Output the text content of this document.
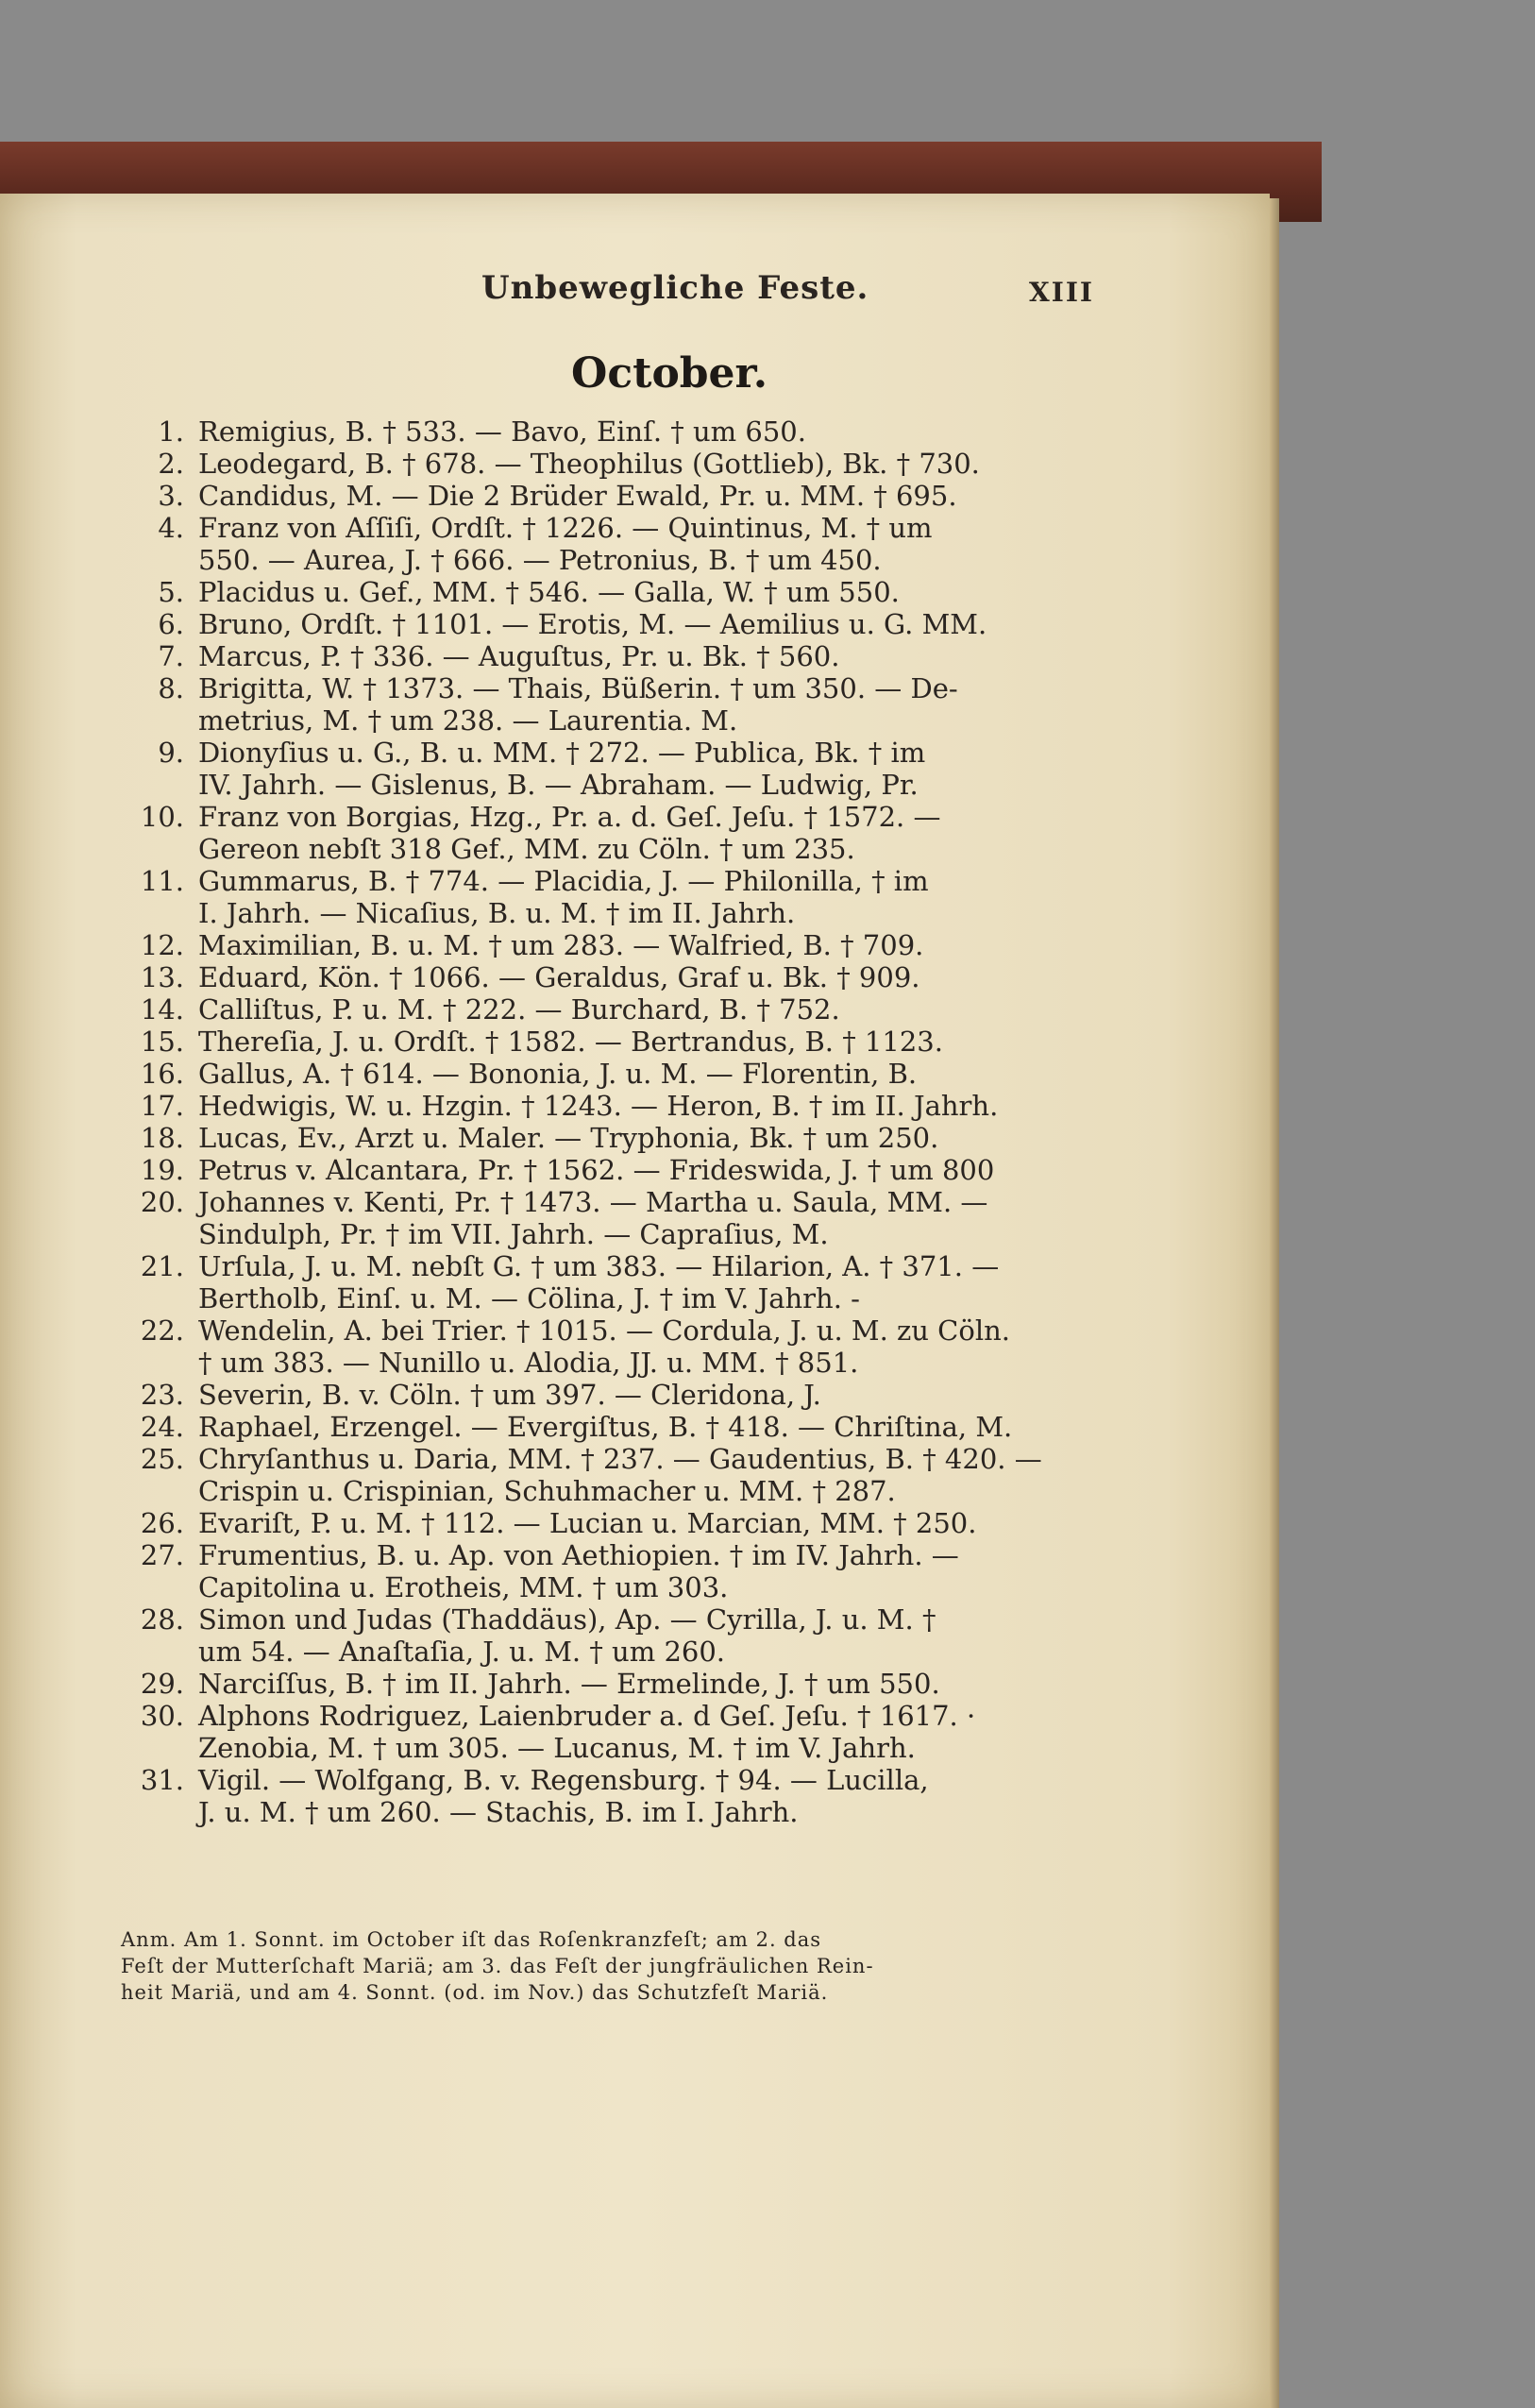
Unbewegliche Feste.	XIII
October.
1. Remigius, B. † 533. — Bavo, Einſ. † um 650.
2. Leodegard, B. † 678. — Theophilus (Gottlieb), Bk. † 730.
3. Candidus, M. — Die 2 Brüder Ewald, Pr. u. MM. † 695.
4. Franz von Aſſiſi, Ordſt. † 1226. — Quintinus, M. † um
550. — Aurea, J. † 666. — Petronius, B. † um 450.
5. Placidus u. Gef., MM. † 546. — Galla, W. † um 550.
6. Bruno, Ordſt. † 1101. — Erotis, M. — Aemilius u. G. MM.
7. Marcus, P. † 336. — Auguſtus, Pr. u. Bk. † 560.
8. Brigitta, W. † 1373. — Thais, Büßerin. † um 350. — De-
metrius, M. † um 238. — Laurentia. M.
9. Dionyſius u. G., B. u. MM. † 272. — Publica, Bk. † im
IV. Jahrh. — Gislenus, B. — Abraham. — Ludwig, Pr.
10. Franz von Borgias, Hzg., Pr. a. d. Geſ. Jeſu. † 1572. —
Gereon nebſt 318 Gef., MM. zu Cöln. † um 235.
11. Gummarus, B. † 774. — Placidia, J. — Philonilla, † im
I. Jahrh. — Nicaſius, B. u. M. † im II. Jahrh.
12. Maximilian, B. u. M. † um 283. — Walfried, B. † 709.
13. Eduard, Kön. † 1066. — Geraldus, Graf u. Bk. † 909.
14. Calliſtus, P. u. M. † 222. — Burchard, B. † 752.
15. Thereſia, J. u. Ordſt. † 1582. — Bertrandus, B. † 1123.
16. Gallus, A. † 614. — Bononia, J. u. M. — Florentin, B.
17. Hedwigis, W. u. Hzgin. † 1243. — Heron, B. † im II. Jahrh.
18. Lucas, Ev., Arzt u. Maler. — Tryphonia, Bk. † um 250.
19. Petrus v. Alcantara, Pr. † 1562. — Frideswida, J. † um 800
20. Johannes v. Kenti, Pr. † 1473. — Martha u. Saula, MM. —
Sindulph, Pr. † im VII. Jahrh. — Capraſius, M.
21. Urſula, J. u. M. nebſt G. † um 383. — Hilarion, A. † 371. —
Bertholb, Einſ. u. M. — Cölina, J. † im V. Jahrh. -
22. Wendelin, A. bei Trier. † 1015. — Cordula, J. u. M. zu Cöln.
† um 383. — Nunillo u. Alodia, JJ. u. MM. † 851.
23. Severin, B. v. Cöln. † um 397. — Cleridona, J.
24. Raphael, Erzengel. — Evergiſtus, B. † 418. — Chriſtina, M.
25. Chryſanthus u. Daria, MM. † 237. — Gaudentius, B. † 420. —
Crispin u. Crispinian, Schuhmacher u. MM. † 287.
26. Evariſt, P. u. M. † 112. — Lucian u. Marcian, MM. † 250.
27. Frumentius, B. u. Ap. von Aethiopien. † im IV. Jahrh. —
Capitolina u. Erotheis, MM. † um 303.
28. Simon und Judas (Thaddäus), Ap. — Cyrilla, J. u. M. †
um 54. — Anaſtaſia, J. u. M. † um 260.
29. Narciſſus, B. † im II. Jahrh. — Ermelinde, J. † um 550.
30. Alphons Rodriguez, Laienbruder a. d Geſ. Jeſu. † 1617. ·
Zenobia, M. † um 305. — Lucanus, M. † im V. Jahrh.
31. Vigil. — Wolfgang, B. v. Regensburg. † 94. — Lucilla,
J. u. M. † um 260. — Stachis, B. im I. Jahrh.
Anm. Am 1. Sonnt. im October iſt das Roſenkranzfeſt; am 2. das
Feſt der Mutterſchaft Mariä; am 3. das Feſt der jungfräulichen Rein-
heit Mariä, und am 4. Sonnt. (od. im Nov.) das Schutzfeſt Mariä.
